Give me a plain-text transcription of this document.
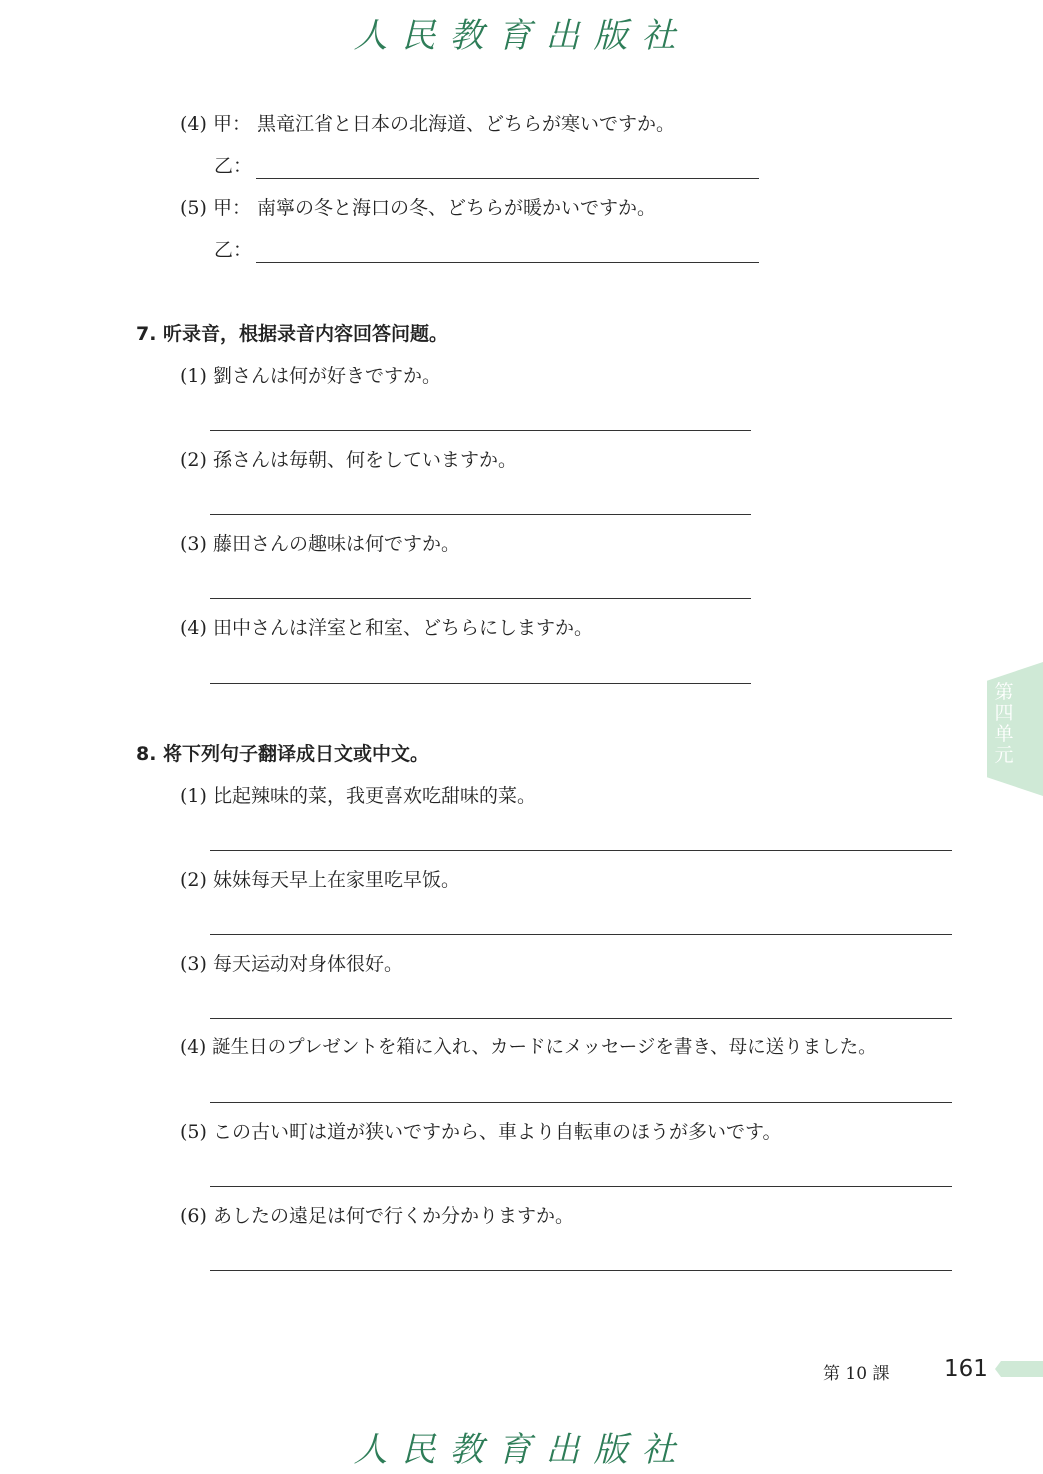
人民教育出版社
(4) 甲： 黒竜江省と日本の北海道、どちらが寒いですか。
乙：
(5) 甲： 南寧の冬と海口の冬、どちらが暖かいですか。
乙：
7. 听录音，根据录音内容回答问题。
(1) 劉さんは何が好きですか。
(2) 孫さんは毎朝、何をしていますか。
(3) 藤田さんの趣味は何ですか。
(4) 田中さんは洋室と和室、どちらにしますか。
8. 将下列句子翻译成日文或中文。
(1) 比起辣味的菜，我更喜欢吃甜味的菜。
(2) 妹妹每天早上在家里吃早饭。
(3) 每天运动对身体很好。
(4) 誕生日のプレゼントを箱に入れ、カードにメッセージを書き、母に送りました。
(5) この古い町は道が狭いですから、車より自転車のほうが多いです。
(6) あしたの遠足は何で行くか分かりますか。
第四单元
第 10 課 161
人民教育出版社
